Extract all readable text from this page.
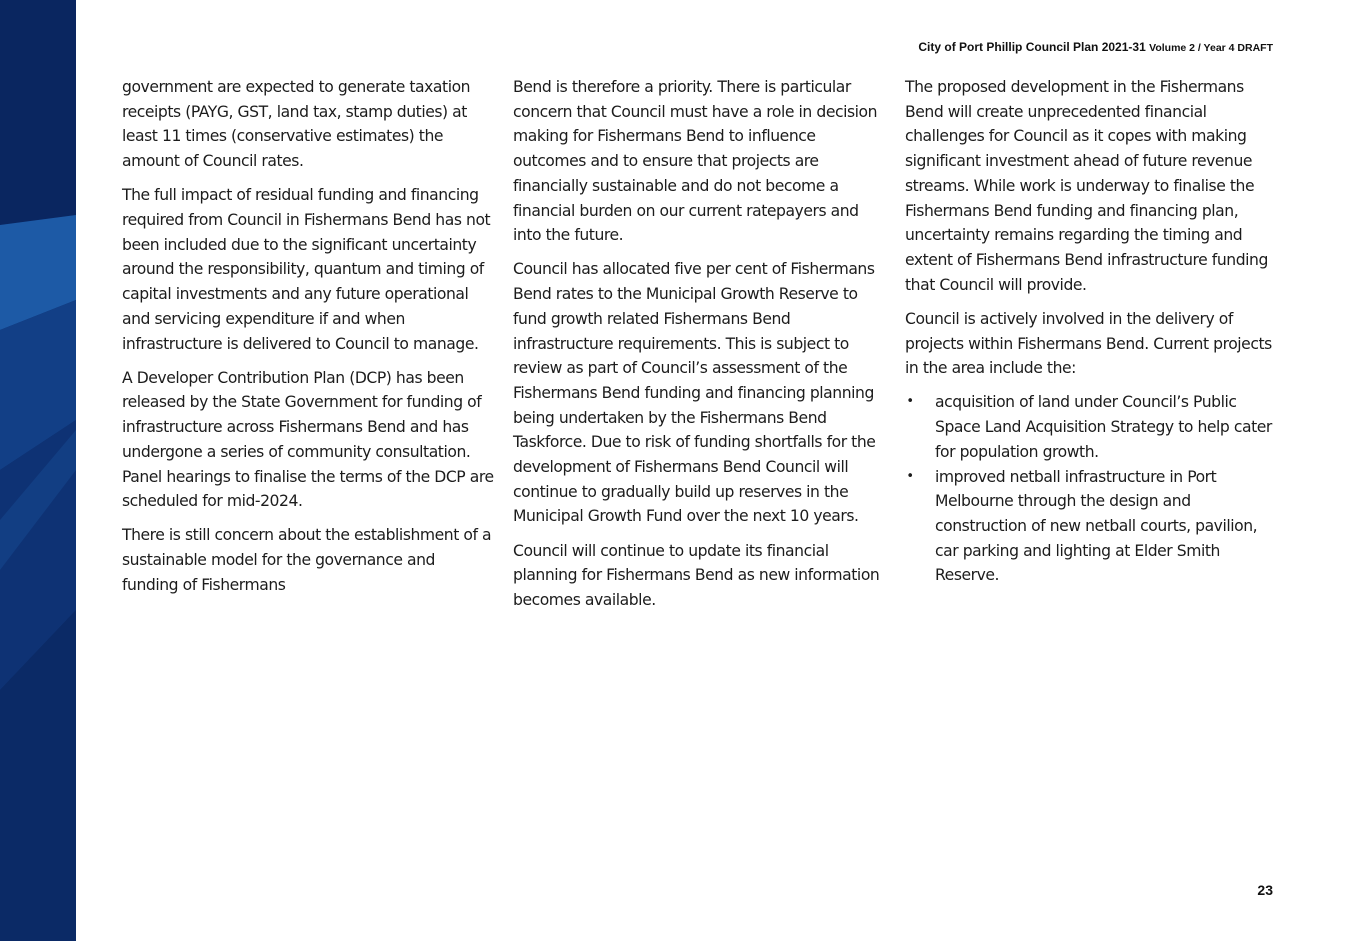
City of Port Phillip Council Plan 2021-31 Volume 2 / Year 4 DRAFT

government are expected to generate taxation receipts (PAYG, GST, land tax, stamp duties) at least 11 times (conservative estimates) the amount of Council rates.

The full impact of residual funding and financing required from Council in Fishermans Bend has not been included due to the significant uncertainty around the responsibility, quantum and timing of capital investments and any future operational and servicing expenditure if and when infrastructure is delivered to Council to manage.

A Developer Contribution Plan (DCP) has been released by the State Government for funding of infrastructure across Fishermans Bend and has undergone a series of community consultation. Panel hearings to finalise the terms of the DCP are scheduled for mid-2024.

There is still concern about the establishment of a sustainable model for the governance and funding of Fishermans

Bend is therefore a priority. There is particular concern that Council must have a role in decision making for Fishermans Bend to influence outcomes and to ensure that projects are financially sustainable and do not become a financial burden on our current ratepayers and into the future.

Council has allocated five per cent of Fishermans Bend rates to the Municipal Growth Reserve to fund growth related Fishermans Bend infrastructure requirements. This is subject to review as part of Council’s assessment of the Fishermans Bend funding and financing planning being undertaken by the Fishermans Bend Taskforce. Due to risk of funding shortfalls for the development of Fishermans Bend Council will continue to gradually build up reserves in the Municipal Growth Fund over the next 10 years.

Council will continue to update its financial planning for Fishermans Bend as new information becomes available.

The proposed development in the Fishermans Bend will create unprecedented financial challenges for Council as it copes with making significant investment ahead of future revenue streams. While work is underway to finalise the Fishermans Bend funding and financing plan, uncertainty remains regarding the timing and extent of Fishermans Bend infrastructure funding that Council will provide.

Council is actively involved in the delivery of projects within Fishermans Bend. Current projects in the area include the:

• acquisition of land under Council’s Public Space Land Acquisition Strategy to help cater for population growth.
• improved netball infrastructure in Port Melbourne through the design and construction of new netball courts, pavilion, car parking and lighting at Elder Smith Reserve.
23
